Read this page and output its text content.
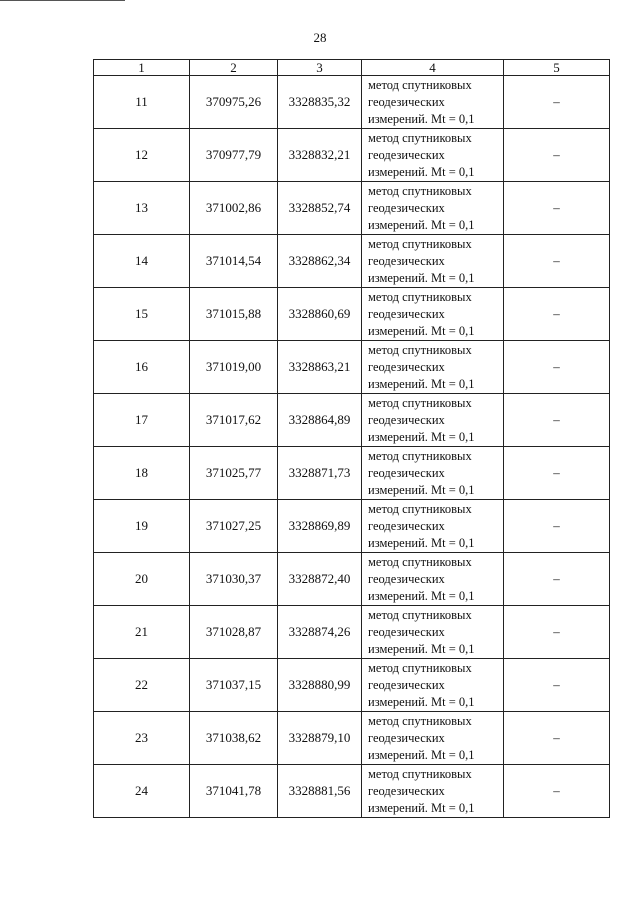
28
1	2	3	4	5
11	370975,26	3328835,32	метод спутниковых
геодезических
измерений. Mt = 0,1	–
12	370977,79	3328832,21	метод спутниковых
геодезических
измерений. Mt = 0,1	–
13	371002,86	3328852,74	метод спутниковых
геодезических
измерений. Mt = 0,1	–
14	371014,54	3328862,34	метод спутниковых
геодезических
измерений. Mt = 0,1	–
15	371015,88	3328860,69	метод спутниковых
геодезических
измерений. Mt = 0,1	–
16	371019,00	3328863,21	метод спутниковых
геодезических
измерений. Mt = 0,1	–
17	371017,62	3328864,89	метод спутниковых
геодезических
измерений. Mt = 0,1	–
18	371025,77	3328871,73	метод спутниковых
геодезических
измерений. Mt = 0,1	–
19	371027,25	3328869,89	метод спутниковых
геодезических
измерений. Mt = 0,1	–
20	371030,37	3328872,40	метод спутниковых
геодезических
измерений. Mt = 0,1	–
21	371028,87	3328874,26	метод спутниковых
геодезических
измерений. Mt = 0,1	–
22	371037,15	3328880,99	метод спутниковых
геодезических
измерений. Mt = 0,1	–
23	371038,62	3328879,10	метод спутниковых
геодезических
измерений. Mt = 0,1	–
24	371041,78	3328881,56	метод спутниковых
геодезических
измерений. Mt = 0,1	–
